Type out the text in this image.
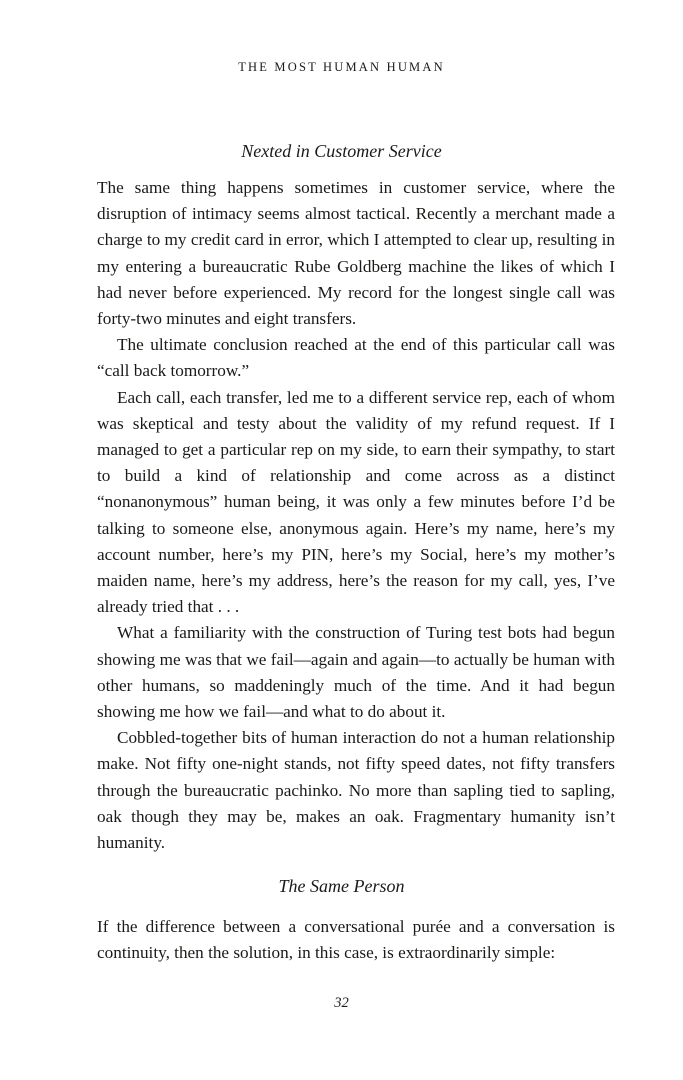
THE MOST HUMAN HUMAN
Nexted in Customer Service

The same thing happens sometimes in customer service, where the disruption of intimacy seems almost tactical. Recently a merchant made a charge to my credit card in error, which I attempted to clear up, resulting in my entering a bureaucratic Rube Goldberg machine the likes of which I had never before experienced. My record for the longest single call was forty-two minutes and eight transfers.

The ultimate conclusion reached at the end of this particular call was “call back tomorrow.”

Each call, each transfer, led me to a different service rep, each of whom was skeptical and testy about the validity of my refund request. If I managed to get a particular rep on my side, to earn their sympathy, to start to build a kind of relationship and come across as a distinct “nonanonymous” human being, it was only a few minutes before I’d be talking to someone else, anonymous again. Here’s my name, here’s my account number, here’s my PIN, here’s my Social, here’s my mother’s maiden name, here’s my address, here’s the reason for my call, yes, I’ve already tried that . . .

What a familiarity with the construction of Turing test bots had begun showing me was that we fail—again and again—to actually be human with other humans, so maddeningly much of the time. And it had begun showing me how we fail—and what to do about it.

Cobbled-together bits of human interaction do not a human relationship make. Not fifty one-night stands, not fifty speed dates, not fifty transfers through the bureaucratic pachinko. No more than sapling tied to sapling, oak though they may be, makes an oak. Fragmentary humanity isn’t humanity.

The Same Person

If the difference between a conversational purée and a conversation is continuity, then the solution, in this case, is extraordinarily simple:

32
